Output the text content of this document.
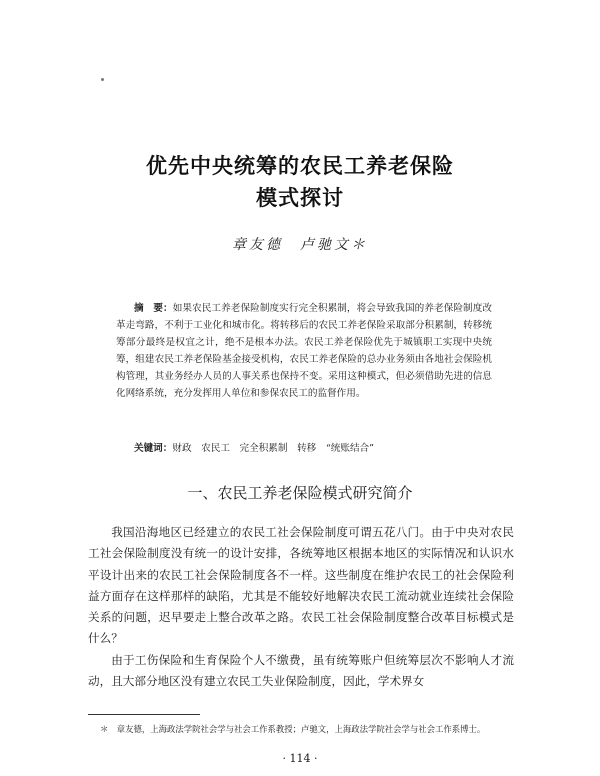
优先中央统筹的农民工养老保险
模式探讨
章友德　卢驰文＊
摘　要：如果农民工养老保险制度实行完全积累制，将会导致我国的养老保险制度改革走弯路，不利于工业化和城市化。将转移后的农民工养老保险采取部分积累制，转移统筹部分最终是权宜之计，绝不是根本办法。农民工养老保险优先于城镇职工实现中央统筹，组建农民工养老保险基金接受机构，农民工养老保险的总办业务须由各地社会保险机构管理，其业务经办人员的人事关系也保持不变。采用这种模式，但必须借助先进的信息化网络系统，充分发挥用人单位和参保农民工的监督作用。
关键词：财政　农民工　完全积累制　转移　“统账结合”
一、农民工养老保险模式研究简介

我国沿海地区已经建立的农民工社会保险制度可谓五花八门。由于中央对农民工社会保险制度没有统一的设计安排，各统筹地区根据本地区的实际情况和认识水平设计出来的农民工社会保险制度各不一样。这些制度在维护农民工的社会保险利益方面存在这样那样的缺陷，尤其是不能较好地解决农民工流动就业连续社会保险关系的问题，迟早要走上整合改革之路。农民工社会保险制度整合改革目标模式是什么？

由于工伤保险和生育保险个人不缴费，虽有统筹账户但统筹层次不影响人才流动，且大部分地区没有建立农民工失业保险制度，因此，学术界女

＊　章友德，上海政法学院社会学与社会工作系教授；卢驰文，上海政法学院社会学与社会工作系博士。
· 114 ·
